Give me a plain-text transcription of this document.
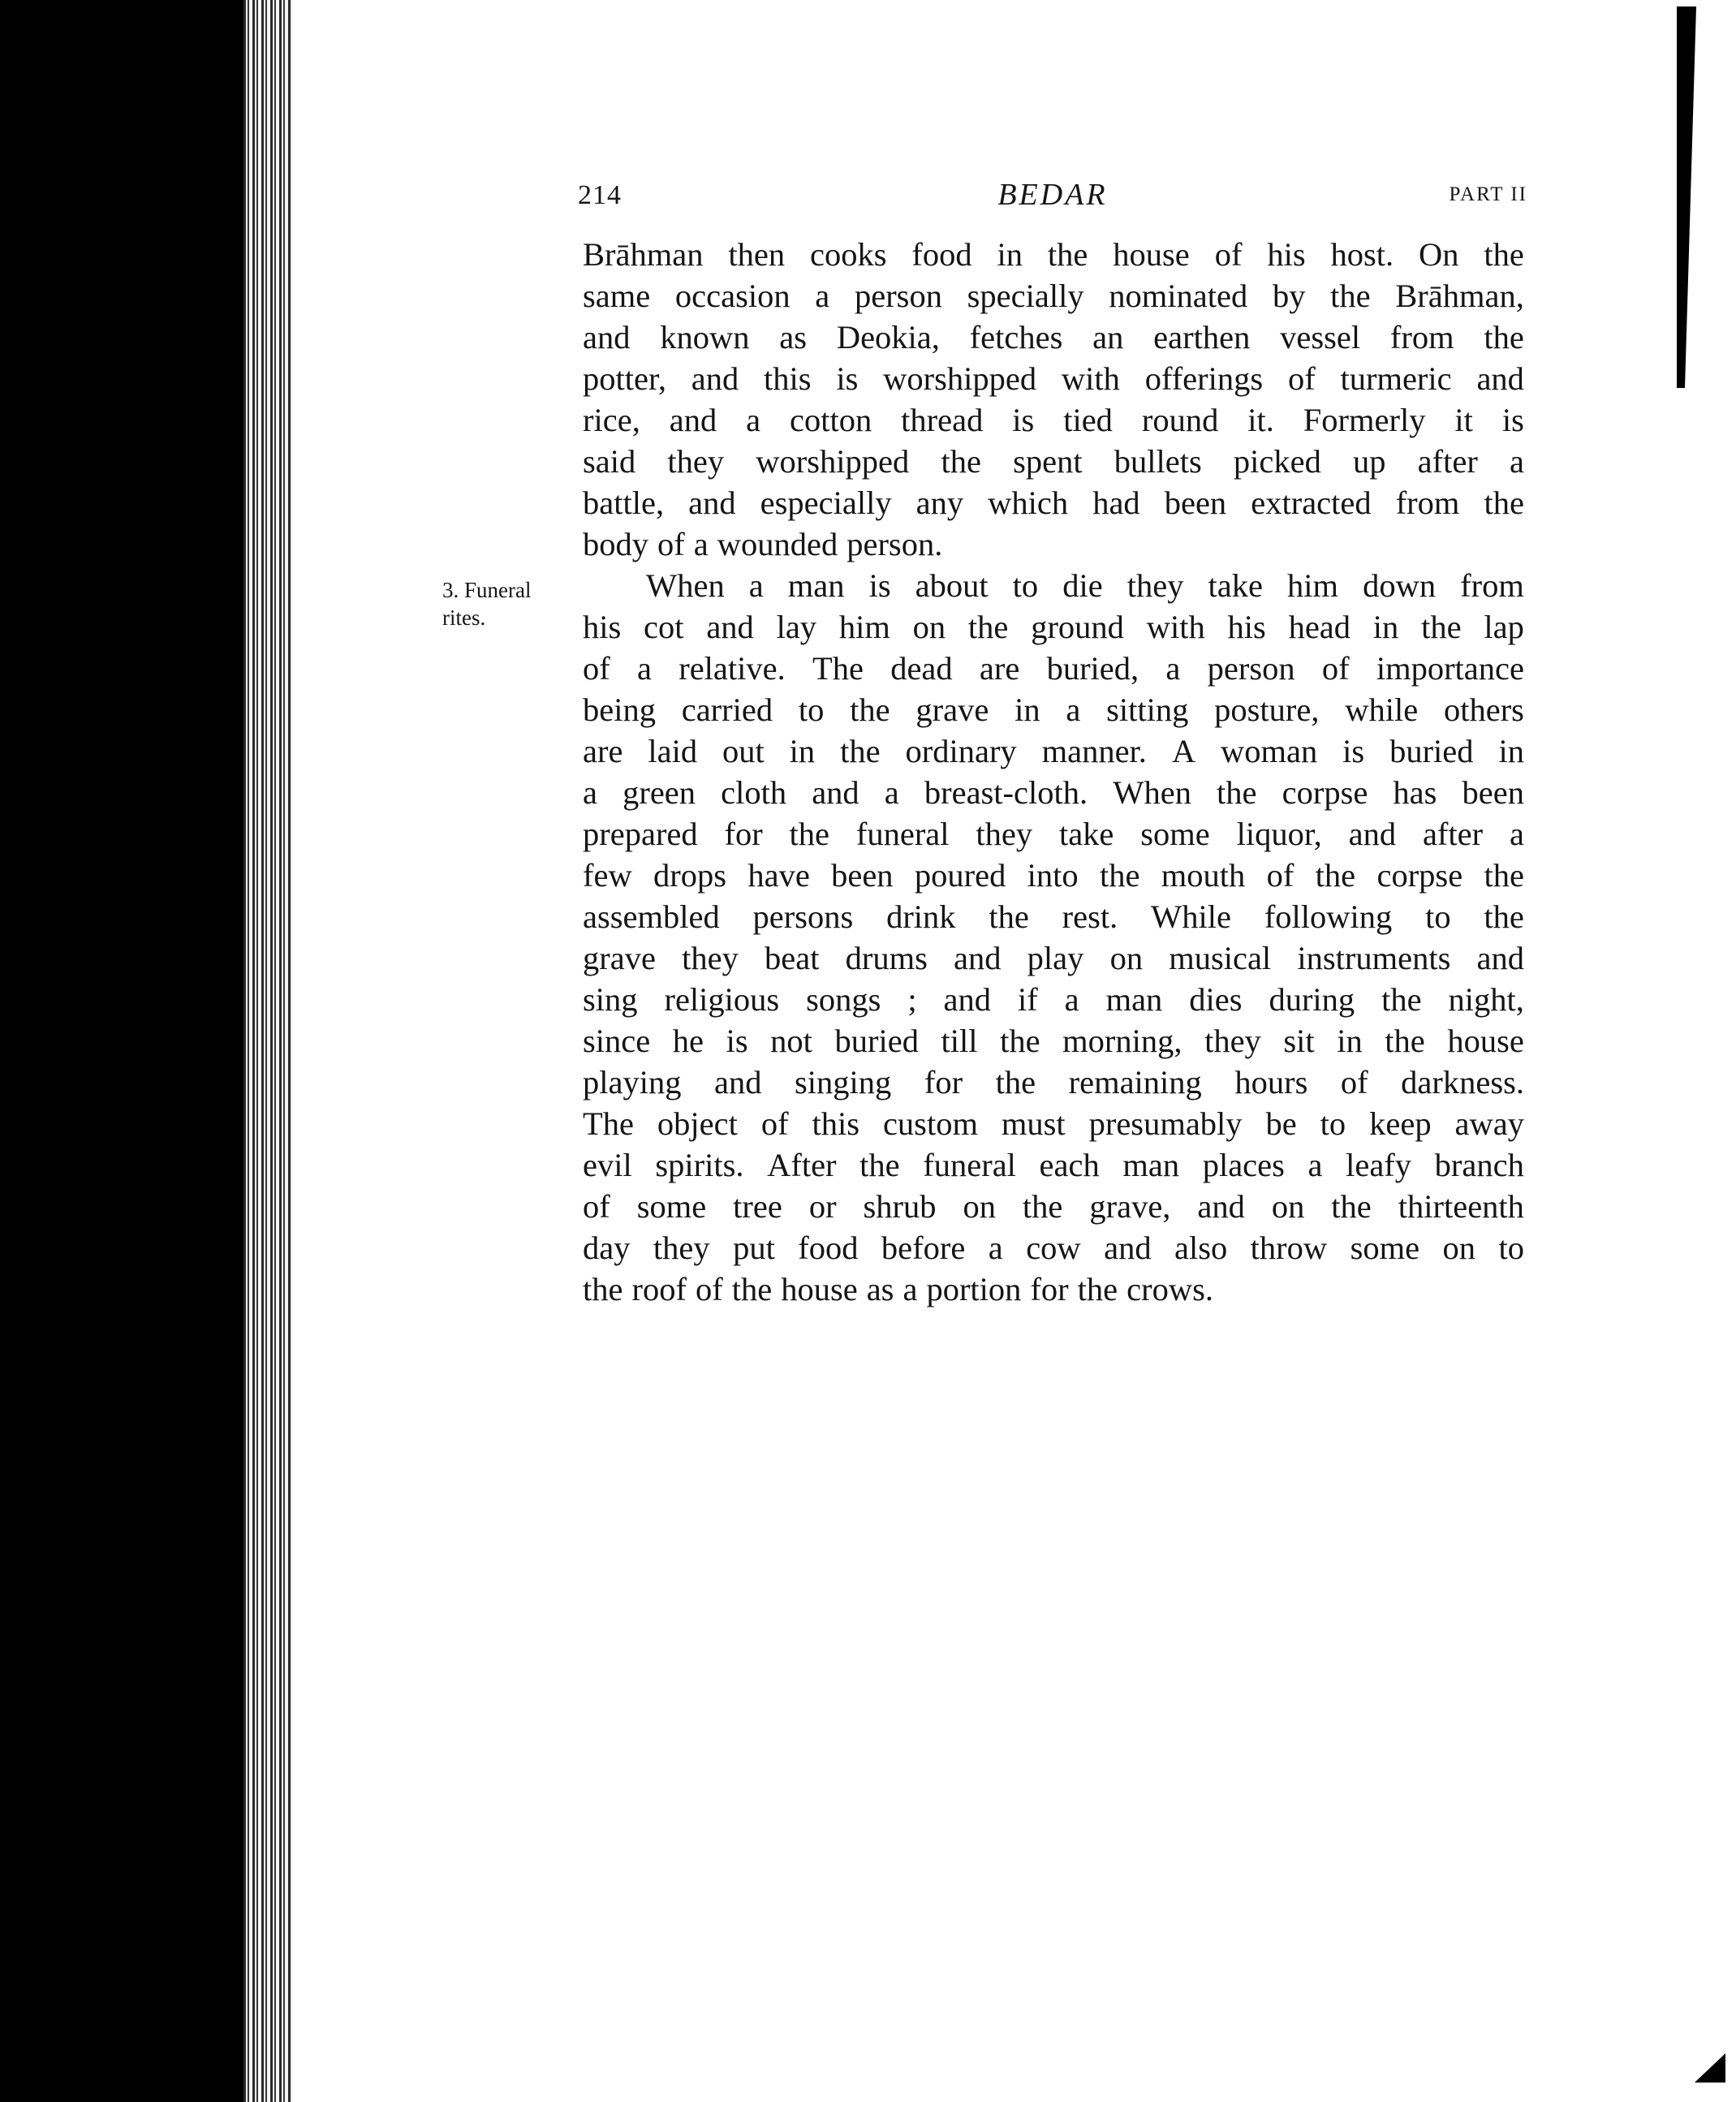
214	BEDAR	PART II
3. Funeral
rites.
Brāhman then cooks food in the house of his host. On the
same occasion a person specially nominated by the Brāhman,
and known as Deokia, fetches an earthen vessel from the
potter, and this is worshipped with offerings of turmeric and
rice, and a cotton thread is tied round it. Formerly it is
said they worshipped the spent bullets picked up after a
battle, and especially any which had been extracted from the
body of a wounded person.
When a man is about to die they take him down from
his cot and lay him on the ground with his head in the lap
of a relative. The dead are buried, a person of importance
being carried to the grave in a sitting posture, while others
are laid out in the ordinary manner. A woman is buried in
a green cloth and a breast-cloth. When the corpse has been
prepared for the funeral they take some liquor, and after a
few drops have been poured into the mouth of the corpse the
assembled persons drink the rest. While following to the
grave they beat drums and play on musical instruments and
sing religious songs ; and if a man dies during the night,
since he is not buried till the morning, they sit in the house
playing and singing for the remaining hours of darkness.
The object of this custom must presumably be to keep away
evil spirits. After the funeral each man places a leafy branch
of some tree or shrub on the grave, and on the thirteenth
day they put food before a cow and also throw some on to
the roof of the house as a portion for the crows.
